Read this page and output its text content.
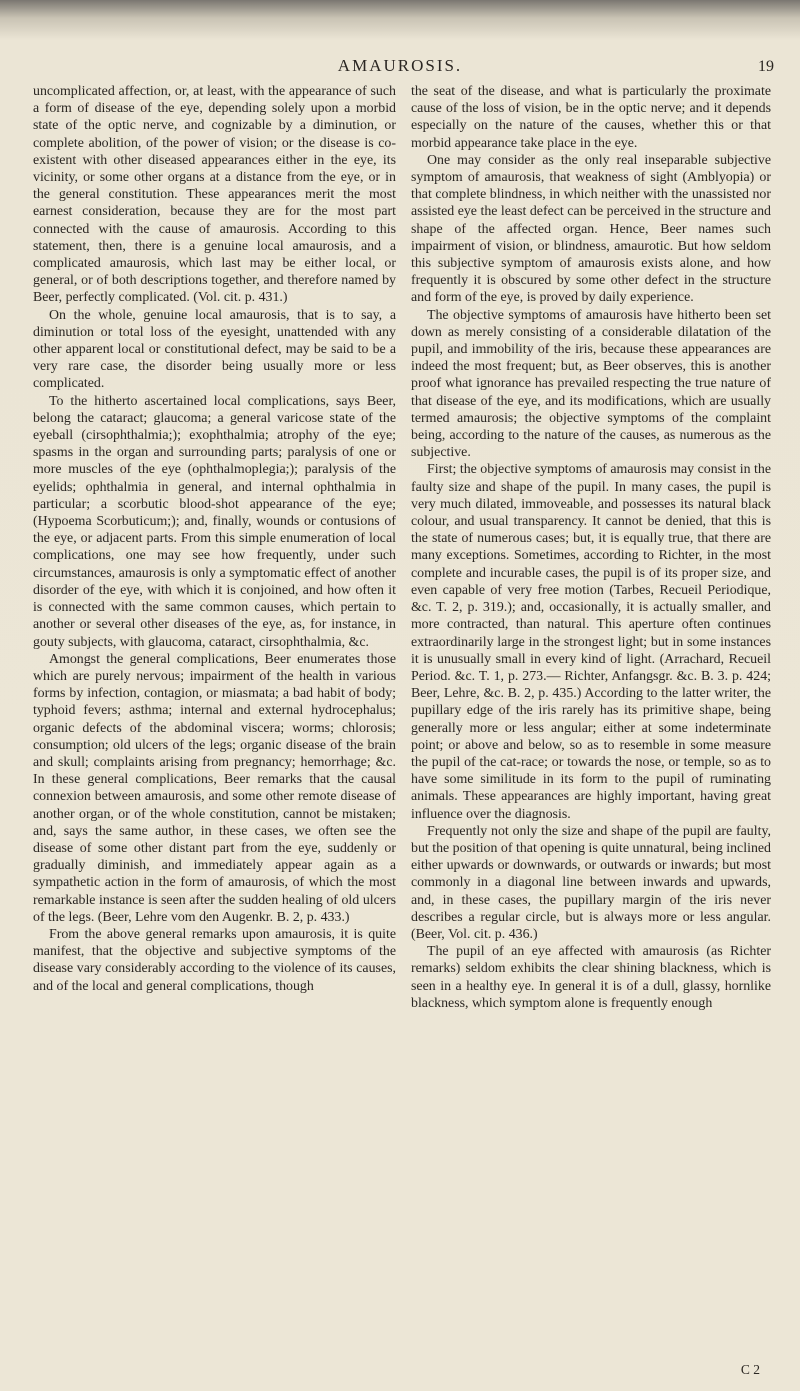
AMAUROSIS.	19

uncomplicated affection, or, at least, with the appearance of such a form of disease of the eye, depending solely upon a morbid state of the optic nerve, and cognizable by a diminution, or complete abolition, of the power of vision; or the disease is co-existent with other diseased appearances either in the eye, its vicinity, or some other organs at a distance from the eye, or in the general constitution. These appearances merit the most earnest consideration, because they are for the most part connected with the cause of amaurosis. According to this statement, then, there is a genuine local amaurosis, and a complicated amaurosis, which last may be either local, or general, or of both descriptions together, and therefore named by Beer, perfectly complicated. (Vol. cit. p. 431.)

On the whole, genuine local amaurosis, that is to say, a diminution or total loss of the eyesight, unattended with any other apparent local or constitutional defect, may be said to be a very rare case, the disorder being usually more or less complicated.

To the hitherto ascertained local complications, says Beer, belong the cataract; glaucoma; a general varicose state of the eyeball (cirsophthalmia;); exophthalmia; atrophy of the eye; spasms in the organ and surrounding parts; paralysis of one or more muscles of the eye (ophthalmoplegia;); paralysis of the eyelids; ophthalmia in general, and internal ophthalmia in particular; a scorbutic blood-shot appearance of the eye; (Hypoema Scorbuticum;); and, finally, wounds or contusions of the eye, or adjacent parts. From this simple enumeration of local complications, one may see how frequently, under such circumstances, amaurosis is only a symptomatic effect of another disorder of the eye, with which it is conjoined, and how often it is connected with the same common causes, which pertain to another or several other diseases of the eye, as, for instance, in gouty subjects, with glaucoma, cataract, cirsophthalmia, &c.

Amongst the general complications, Beer enumerates those which are purely nervous; impairment of the health in various forms by infection, contagion, or miasmata; a bad habit of body; typhoid fevers; asthma; internal and external hydrocephalus; organic defects of the abdominal viscera; worms; chlorosis; consumption; old ulcers of the legs; organic disease of the brain and skull; complaints arising from pregnancy; hemorrhage; &c. In these general complications, Beer remarks that the causal connexion between amaurosis, and some other remote disease of another organ, or of the whole constitution, cannot be mistaken; and, says the same author, in these cases, we often see the disease of some other distant part from the eye, suddenly or gradually diminish, and immediately appear again as a sympathetic action in the form of amaurosis, of which the most remarkable instance is seen after the sudden healing of old ulcers of the legs. (Beer, Lehre vom den Augenkr. B. 2, p. 433.)

From the above general remarks upon amaurosis, it is quite manifest, that the objective and subjective symptoms of the disease vary considerably according to the violence of its causes, and of the local and general complications, though

the seat of the disease, and what is particularly the proximate cause of the loss of vision, be in the optic nerve; and it depends especially on the nature of the causes, whether this or that morbid appearance take place in the eye.

One may consider as the only real inseparable subjective symptom of amaurosis, that weakness of sight (Amblyopia) or that complete blindness, in which neither with the unassisted nor assisted eye the least defect can be perceived in the structure and shape of the affected organ. Hence, Beer names such impairment of vision, or blindness, amaurotic. But how seldom this subjective symptom of amaurosis exists alone, and how frequently it is obscured by some other defect in the structure and form of the eye, is proved by daily experience.

The objective symptoms of amaurosis have hitherto been set down as merely consisting of a considerable dilatation of the pupil, and immobility of the iris, because these appearances are indeed the most frequent; but, as Beer observes, this is another proof what ignorance has prevailed respecting the true nature of that disease of the eye, and its modifications, which are usually termed amaurosis; the objective symptoms of the complaint being, according to the nature of the causes, as numerous as the subjective.

First; the objective symptoms of amaurosis may consist in the faulty size and shape of the pupil. In many cases, the pupil is very much dilated, immoveable, and possesses its natural black colour, and usual transparency. It cannot be denied, that this is the state of numerous cases; but, it is equally true, that there are many exceptions. Sometimes, according to Richter, in the most complete and incurable cases, the pupil is of its proper size, and even capable of very free motion (Tarbes, Recueil Periodique, &c. T. 2, p. 319.); and, occasionally, it is actually smaller, and more contracted, than natural. This aperture often continues extraordinarily large in the strongest light; but in some instances it is unusually small in every kind of light. (Arrachard, Recueil Period. &c. T. 1, p. 273.— Richter, Anfangsgr. &c. B. 3. p. 424; Beer, Lehre, &c. B. 2, p. 435.) According to the latter writer, the pupillary edge of the iris rarely has its primitive shape, being generally more or less angular; either at some indeterminate point; or above and below, so as to resemble in some measure the pupil of the cat-race; or towards the nose, or temple, so as to have some similitude in its form to the pupil of ruminating animals. These appearances are highly important, having great influence over the diagnosis.

Frequently not only the size and shape of the pupil are faulty, but the position of that opening is quite unnatural, being inclined either upwards or downwards, or outwards or inwards; but most commonly in a diagonal line between inwards and upwards, and, in these cases, the pupillary margin of the iris never describes a regular circle, but is always more or less angular. (Beer, Vol. cit. p. 436.)

The pupil of an eye affected with amaurosis (as Richter remarks) seldom exhibits the clear shining blackness, which is seen in a healthy eye. In general it is of a dull, glassy, hornlike blackness, which symptom alone is frequently enough

C 2
